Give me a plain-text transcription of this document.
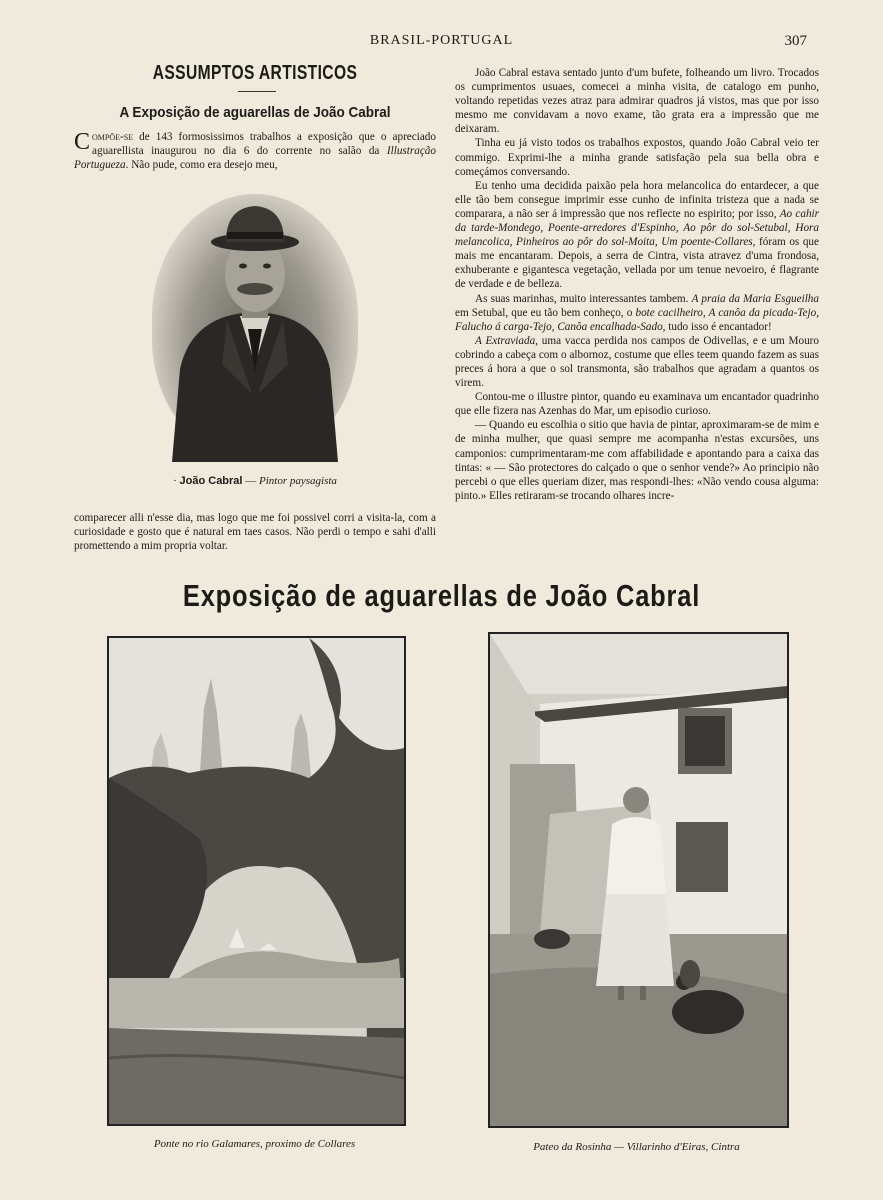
BRASIL-PORTUGAL	307
ASSUMPTOS ARTISTICOS
A Exposição de aguarellas de João Cabral

Compõe-se de 143 formosissimos trabalhos a exposição que o apreciado aguarellista inaugurou no dia 6 do corrente no salão da Illustração Portugueza. Não pude, como era desejo meu,

· João Cabral — Pintor paysagista

comparecer alli n'esse dia, mas logo que me foi possivel corri a visita-la, com a curiosidade e gosto que é natural em taes casos. Não perdi o tempo e sahi d'alli promettendo a mim propria voltar.

João Cabral estava sentado junto d'um bufete, folheando um livro. Trocados os cumprimentos usuaes, comecei a minha visita, de catalogo em punho, voltando repetidas vezes atraz para admirar quadros já vistos, mas que por isso mesmo me convidavam a novo exame, tão grata era a impressão que me deixaram.

Tinha eu já visto todos os trabalhos expostos, quando João Cabral veio ter commigo. Exprimi-lhe a minha grande satisfação pela sua bella obra e começámos conversando.

Eu tenho uma decidida paixão pela hora melancolica do entardecer, a que elle tão bem consegue imprimir esse cunho de infinita tristeza que a nada se comparara, a não ser á impressão que nos reflecte no espirito; por isso, Ao cahir da tarde-Mondego, Poente-arredores d'Espinho, Ao pôr do sol-Setubal, Hora melancolica, Pinheiros ao pôr do sol-Moita, Um poente-Collares, fóram os que mais me encantaram. Depois, a serra de Cintra, vista atravez d'uma frondosa, exhuberante e gigantesca vegetação, vellada por um tenue nevoeiro, é flagrante de verdade e de belleza.

As suas marinhas, muito interessantes tambem. A praia da Maria Esgueilha em Setubal, que eu tão bem conheço, o bote cacilheiro, A canôa da picada-Tejo, Falucho á carga-Tejo, Canôa encalhada-Sado, tudo isso é encantador!

A Extraviada, uma vacca perdida nos campos de Odivellas, e e um Mouro cobrindo a cabeça com o albornoz, costume que elles teem quando fazem as suas preces á hora a que o sol transmonta, são trabalhos que agradam a quantos os virem.

Contou-me o illustre pintor, quando eu examinava um encantador quadrinho que elle fizera nas Azenhas do Mar, um episodio curioso.

— Quando eu escolhia o sitio que havia de pintar, aproximaram-se de mim e de minha mulher, que quasi sempre me acompanha n'estas excursões, uns camponios: cumprimentaram-me com affabilidade e apontando para a caixa das tintas: « — São protectores do calçado o que o senhor vende?» Ao principio não percebi o que elles queriam dizer, mas respondi-lhes: «Não vendo cousa alguma: pinto.» Elles retiraram-se trocando olhares incre-

Exposição de aguarellas de João Cabral
Ponte no rio Galamares, proximo de Collares	Pateo da Rosinha — Villarinho d'Eiras, Cintra
